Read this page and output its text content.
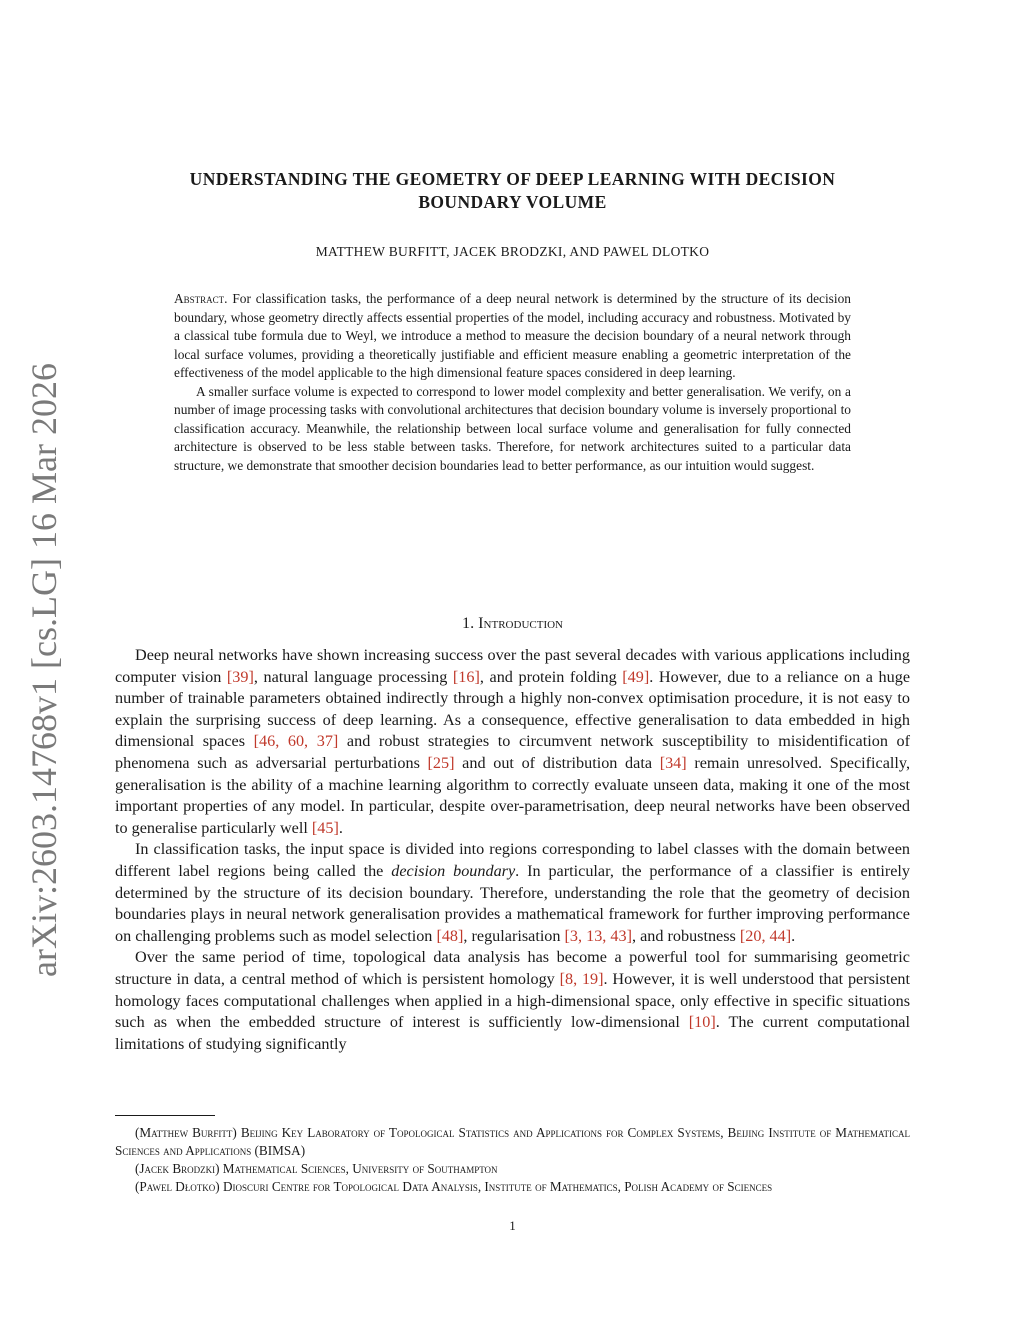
arXiv:2603.14768v1 [cs.LG] 16 Mar 2026
UNDERSTANDING THE GEOMETRY OF DEEP LEARNING WITH DECISION
BOUNDARY VOLUME
MATTHEW BURFITT, JACEK BRODZKI, AND PAWEL DLOTKO

Abstract. For classification tasks, the performance of a deep neural network is determined by the structure of its decision boundary, whose geometry directly affects essential properties of the model, including accuracy and robustness. Motivated by a classical tube formula due to Weyl, we introduce a method to measure the decision boundary of a neural network through local surface volumes, providing a theoretically justifiable and efficient measure enabling a geometric interpretation of the effectiveness of the model applicable to the high dimensional feature spaces considered in deep learning.

A smaller surface volume is expected to correspond to lower model complexity and better generalisation. We verify, on a number of image processing tasks with convolutional architectures that decision boundary volume is inversely proportional to classification accuracy. Meanwhile, the relationship between local surface volume and generalisation for fully connected architecture is observed to be less stable between tasks. Therefore, for network architectures suited to a particular data structure, we demonstrate that smoother decision boundaries lead to better performance, as our intuition would suggest.

1. Introduction

Deep neural networks have shown increasing success over the past several decades with various applications including computer vision [39], natural language processing [16], and protein folding [49]. However, due to a reliance on a huge number of trainable parameters obtained indirectly through a highly non-convex optimisation procedure, it is not easy to explain the surprising success of deep learning. As a consequence, effective generalisation to data embedded in high dimensional spaces [46, 60, 37] and robust strategies to circumvent network susceptibility to misidentification of phenomena such as adversarial perturbations [25] and out of distribution data [34] remain unresolved. Specifically, generalisation is the ability of a machine learning algorithm to correctly evaluate unseen data, making it one of the most important properties of any model. In particular, despite over-parametrisation, deep neural networks have been observed to generalise particularly well [45].

In classification tasks, the input space is divided into regions corresponding to label classes with the domain between different label regions being called the decision boundary. In particular, the performance of a classifier is entirely determined by the structure of its decision boundary. Therefore, understanding the role that the geometry of decision boundaries plays in neural network generalisation provides a mathematical framework for further improving performance on challenging problems such as model selection [48], regularisation [3, 13, 43], and robustness [20, 44].

Over the same period of time, topological data analysis has become a powerful tool for summarising geometric structure in data, a central method of which is persistent homology [8, 19]. However, it is well understood that persistent homology faces computational challenges when applied in a high-dimensional space, only effective in specific situations such as when the embedded structure of interest is sufficiently low-dimensional [10]. The current computational limitations of studying significantly

(Matthew Burfitt) Beijing Key Laboratory of Topological Statistics and Applications for Complex Systems, Beijing Institute of Mathematical Sciences and Applications (BIMSA)

(Jacek Brodzki) Mathematical Sciences, University of Southampton

(Pawel Dłotko) Dioscuri Centre for Topological Data Analysis, Institute of Mathematics, Polish Academy of Sciences

1
